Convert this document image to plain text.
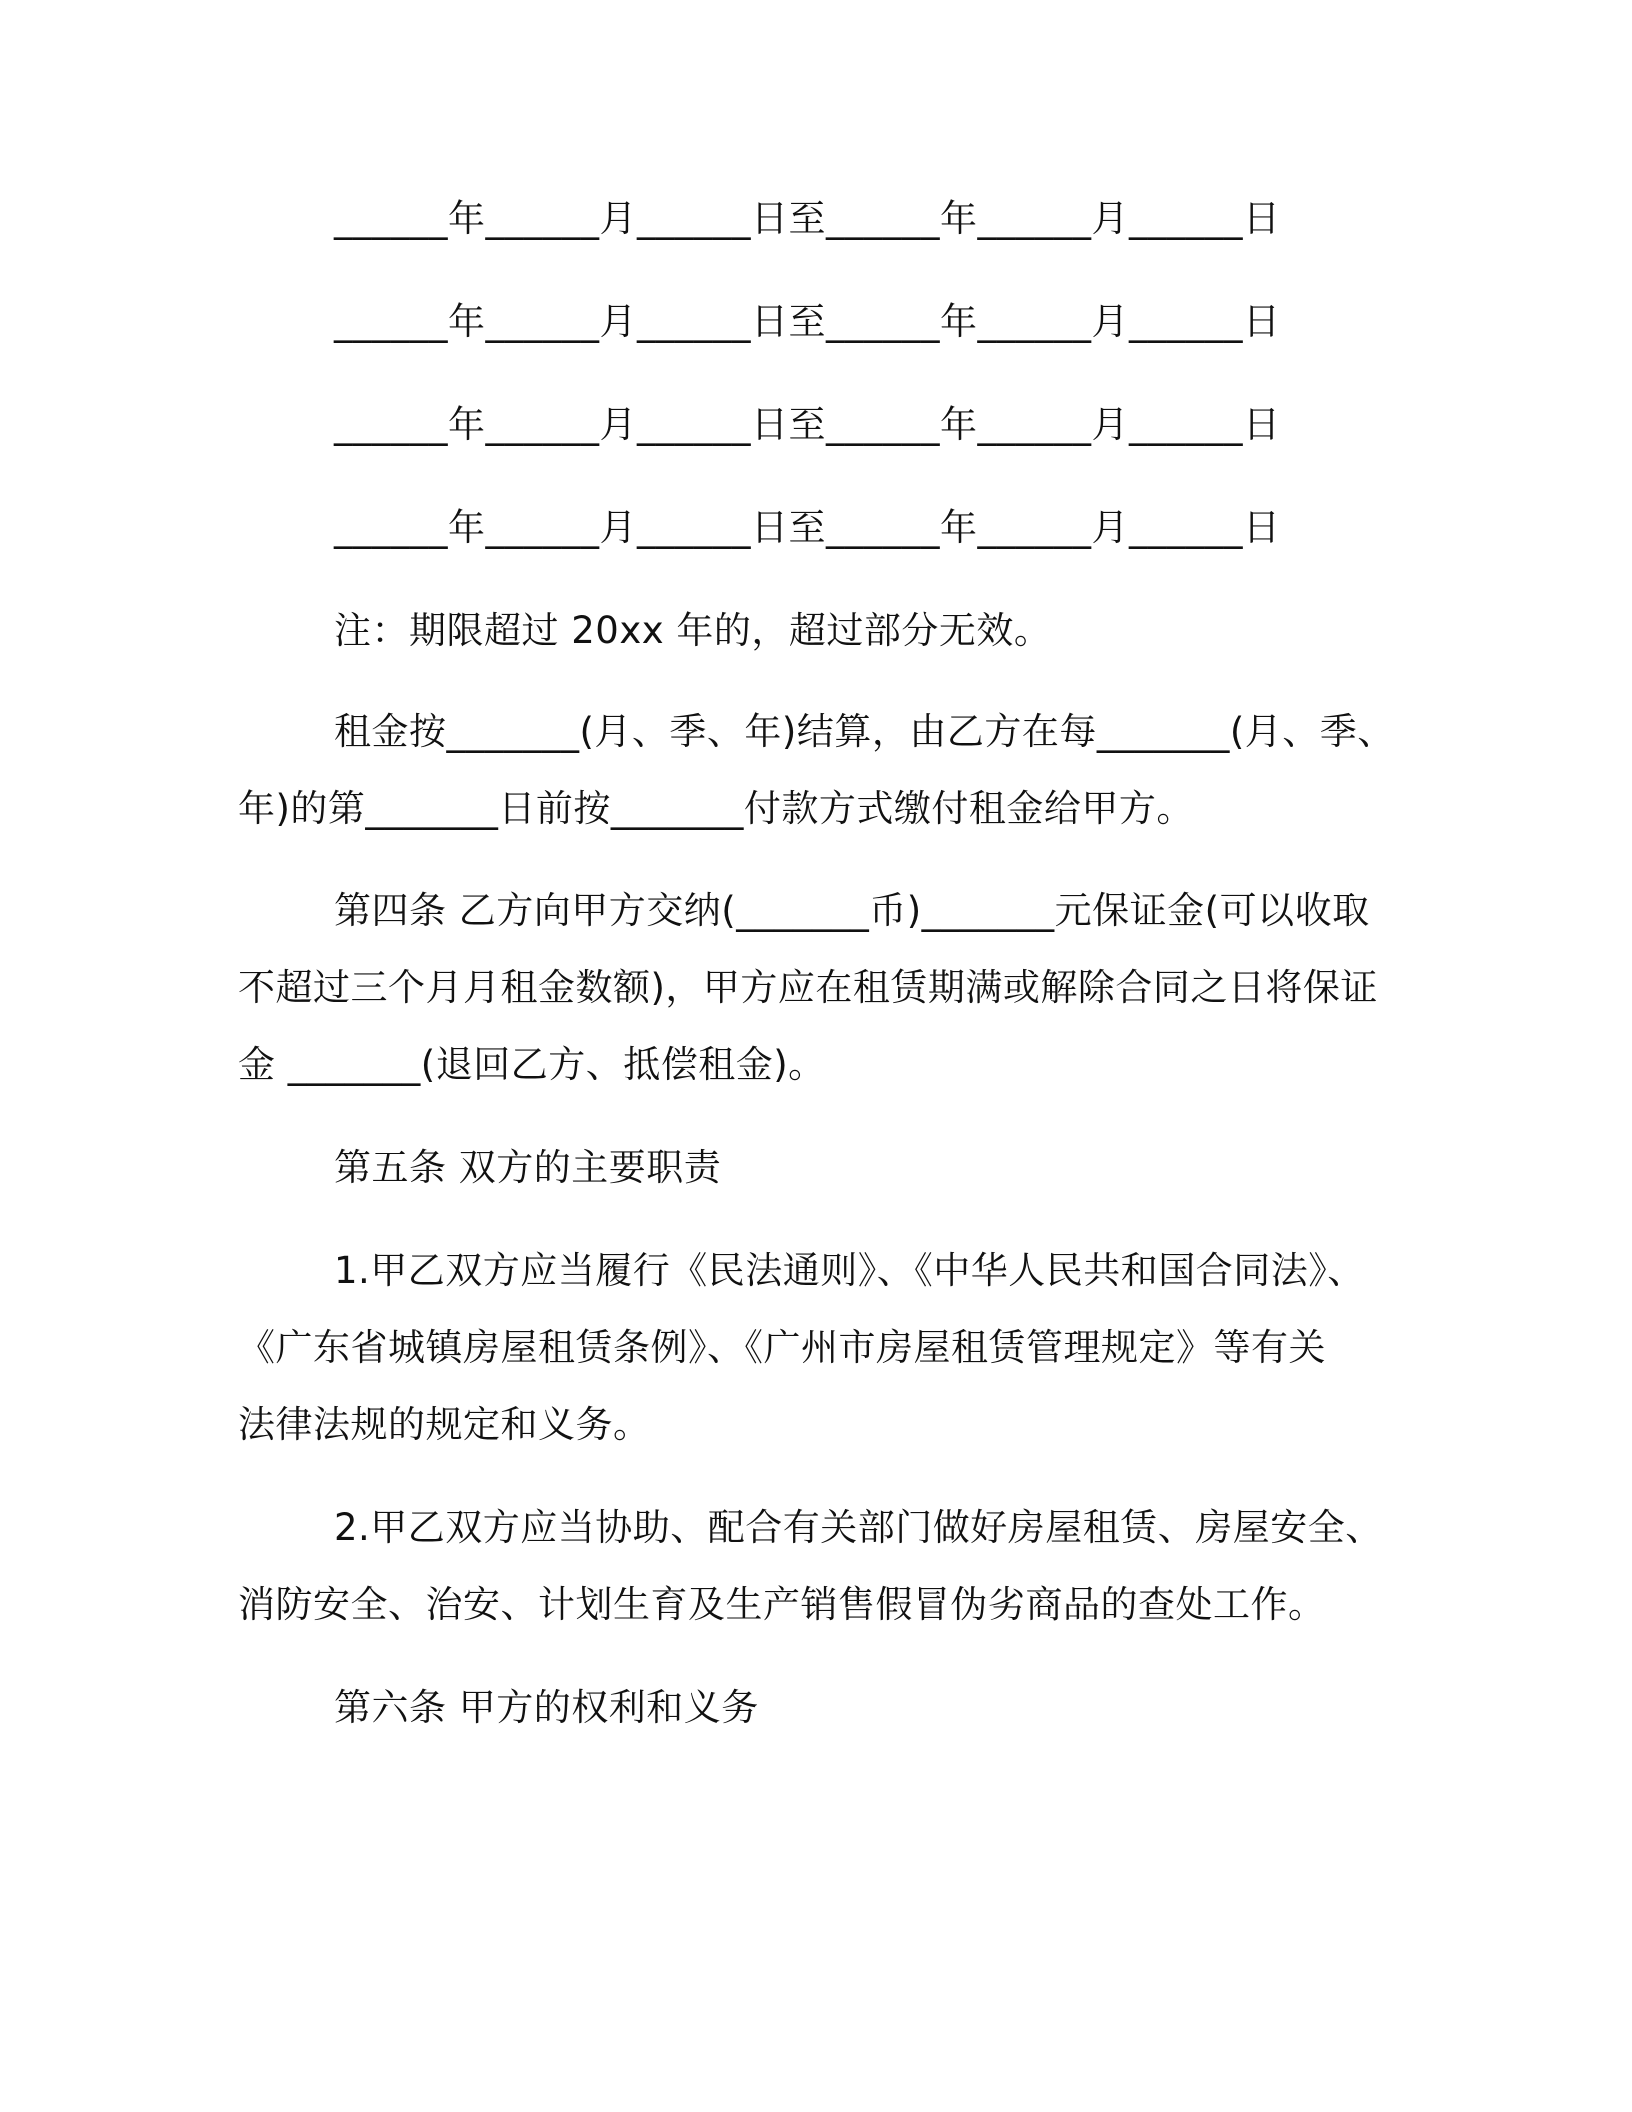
______年______月______日至______年______月______日
______年______月______日至______年______月______日
______年______月______日至______年______月______日
______年______月______日至______年______月______日
注：期限超过 20xx 年的，超过部分无效。
租金按_______(月、季、年)结算，由乙方在每_______(月、季、
年)的第_______日前按_______付款方式缴付租金给甲方。
第四条 乙方向甲方交纳(_______币)_______元保证金(可以收取
不超过三个月月租金数额)，甲方应在租赁期满或解除合同之日将保证
金 _______(退回乙方、抵偿租金)。
第五条 双方的主要职责
1.甲乙双方应当履行《民法通则》、《中华人民共和国合同法》、
《广东省城镇房屋租赁条例》、《广州市房屋租赁管理规定》等有关
法律法规的规定和义务。
2.甲乙双方应当协助、配合有关部门做好房屋租赁、房屋安全、
消防安全、治安、计划生育及生产销售假冒伪劣商品的查处工作。
第六条 甲方的权利和义务
